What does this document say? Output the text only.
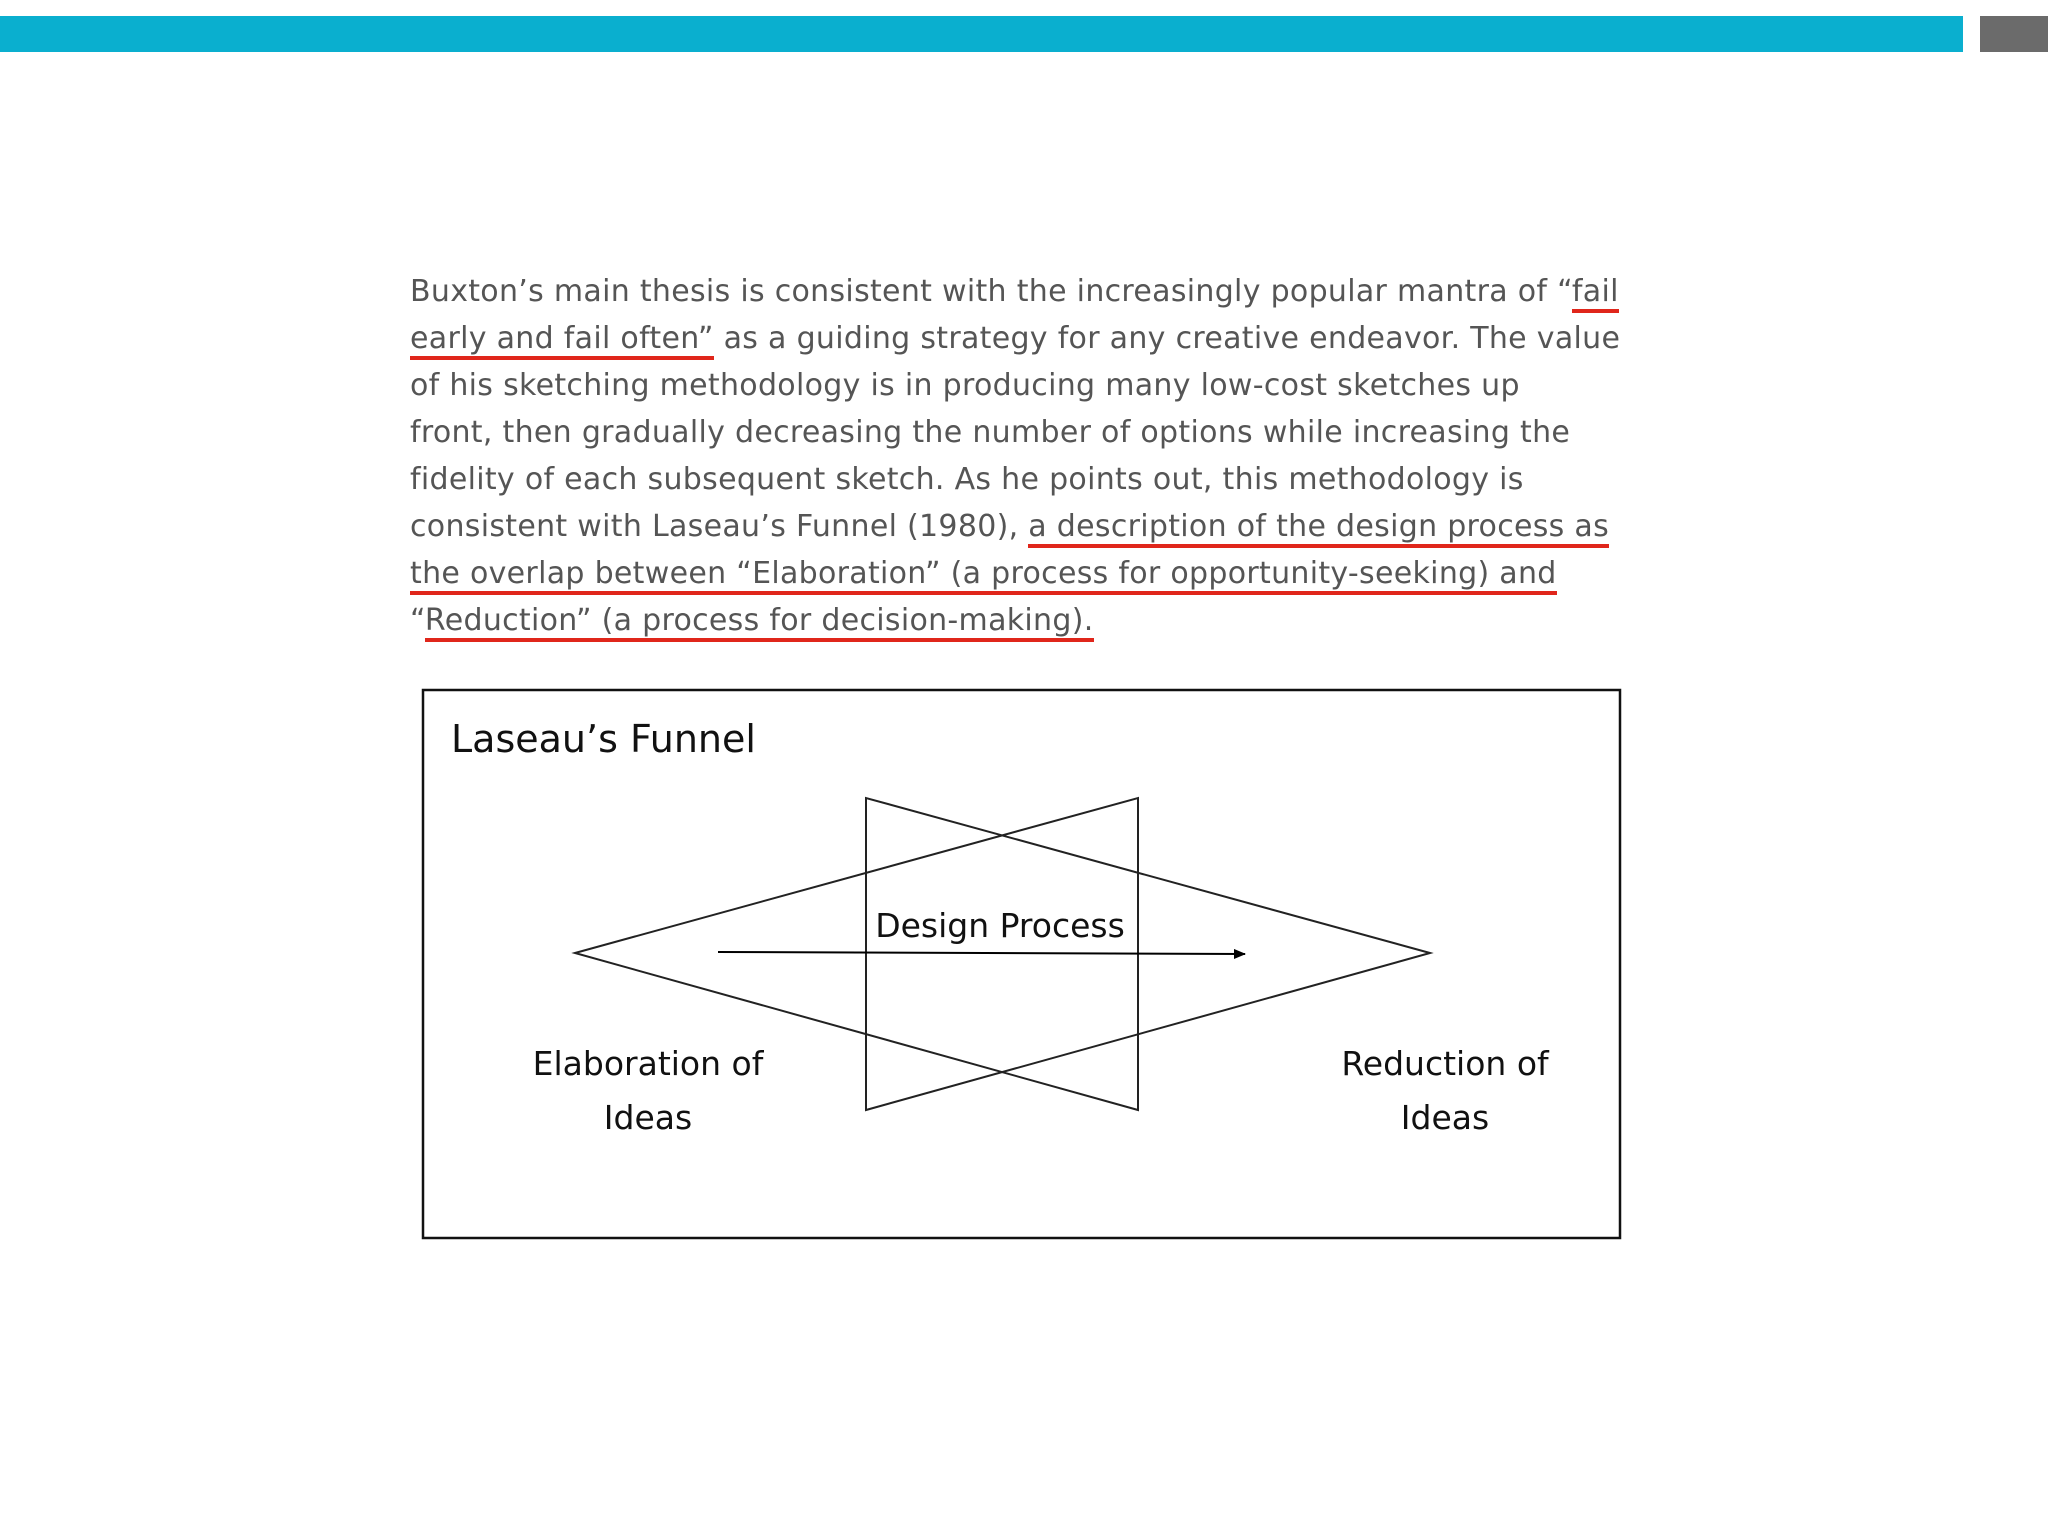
Buxton’s main thesis is consistent with the increasingly popular mantra of “fail
early and fail often” as a guiding strategy for any creative endeavor. The value
of his sketching methodology is in producing many low-cost sketches up
front, then gradually decreasing the number of options while increasing the
fidelity of each subsequent sketch. As he points out, this methodology is
consistent with Laseau’s Funnel (1980), a description of the design process as
the overlap between “Elaboration” (a process for opportunity-seeking) and
“Reduction” (a process for decision-making).
Laseau’s Funnel
Design Process
Elaboration of
Ideas
Reduction of
Ideas
